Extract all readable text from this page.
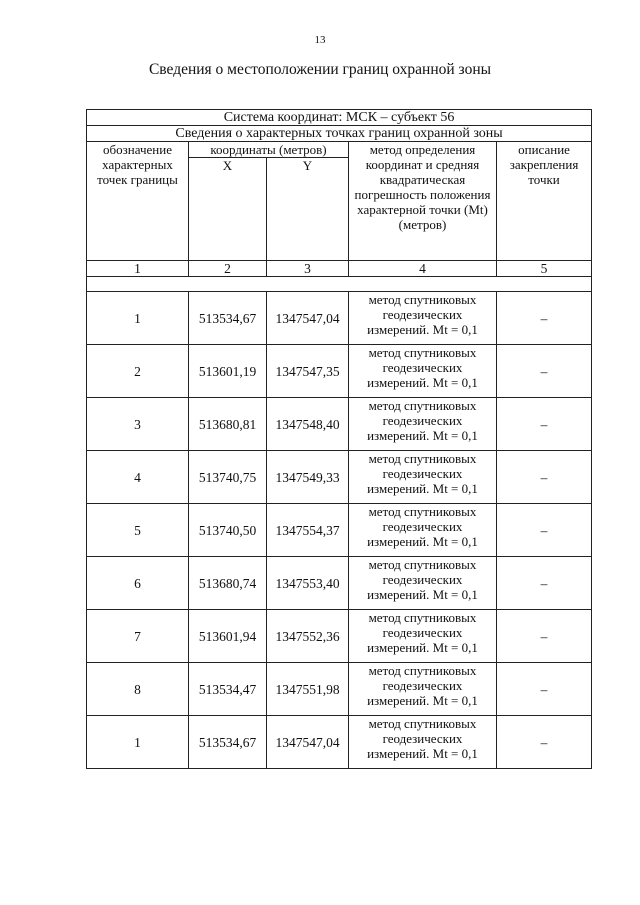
13
Сведения о местоположении границ охранной зоны
Система координат: МСК – субъект 56				
Сведения о характерных точках границ охранной зоны				
обозначение характерных точек границы	координаты (метров)		метод определения координат и средняя квадратическая погрешность положения характерной точки (Mt) (метров)	описание закрепления точки
	X	Y		
1	2	3	4	5

1	513534,67	1347547,04	метод спутниковых геодезических измерений. Mt = 0,1	–
2	513601,19	1347547,35	метод спутниковых геодезических измерений. Mt = 0,1	–
3	513680,81	1347548,40	метод спутниковых геодезических измерений. Mt = 0,1	–
4	513740,75	1347549,33	метод спутниковых геодезических измерений. Mt = 0,1	–
5	513740,50	1347554,37	метод спутниковых геодезических измерений. Mt = 0,1	–
6	513680,74	1347553,40	метод спутниковых геодезических измерений. Mt = 0,1	–
7	513601,94	1347552,36	метод спутниковых геодезических измерений. Mt = 0,1	–
8	513534,47	1347551,98	метод спутниковых геодезических измерений. Mt = 0,1	–
1	513534,67	1347547,04	метод спутниковых геодезических измерений. Mt = 0,1	–
